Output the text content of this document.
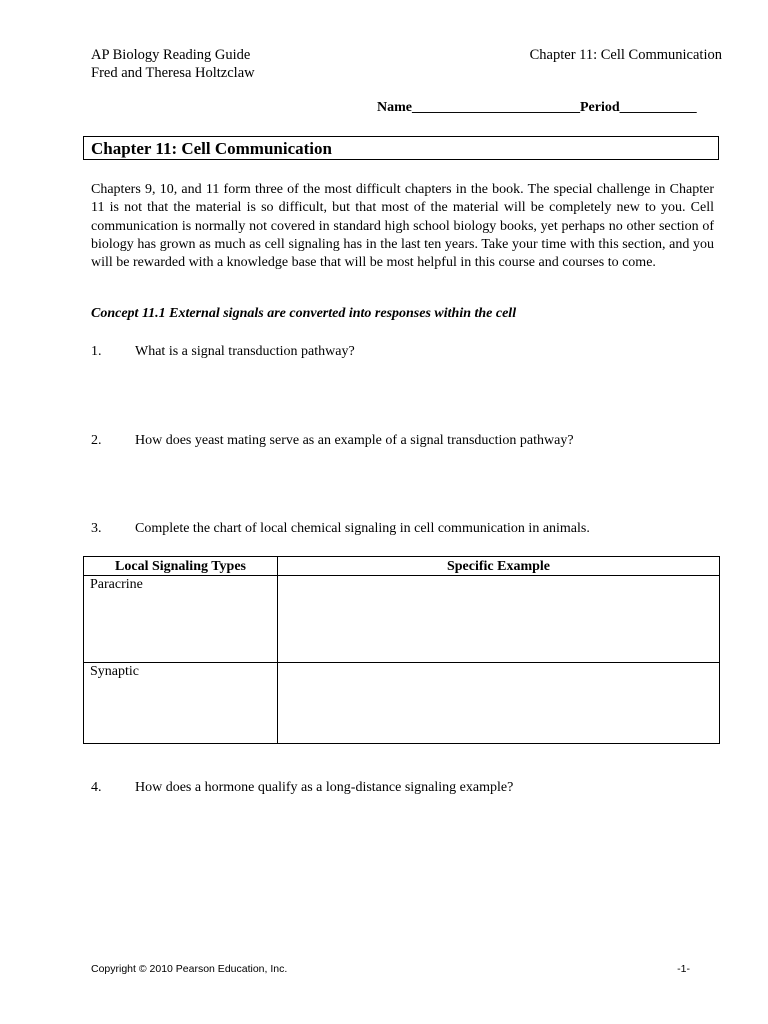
AP Biology Reading Guide
Fred and Theresa Holtzclaw
Chapter 11: Cell Communication
Name________________________Period___________
Chapter 11: Cell Communication
Chapters 9, 10, and 11 form three of the most difficult chapters in the book. The special challenge in Chapter 11 is not that the material is so difficult, but that most of the material will be completely new to you. Cell communication is normally not covered in standard high school biology books, yet perhaps no other section of biology has grown as much as cell signaling has in the last ten years. Take your time with this section, and you will be rewarded with a knowledge base that will be most helpful in this course and courses to come.
Concept 11.1 External signals are converted into responses within the cell
1. What is a signal transduction pathway?
2. How does yeast mating serve as an example of a signal transduction pathway?
3. Complete the chart of local chemical signaling in cell communication in animals.
Local Signaling Types	Specific Example
Paracrine	
Synaptic	
4. How does a hormone qualify as a long-distance signaling example?
Copyright © 2010 Pearson Education, Inc.	-1-
